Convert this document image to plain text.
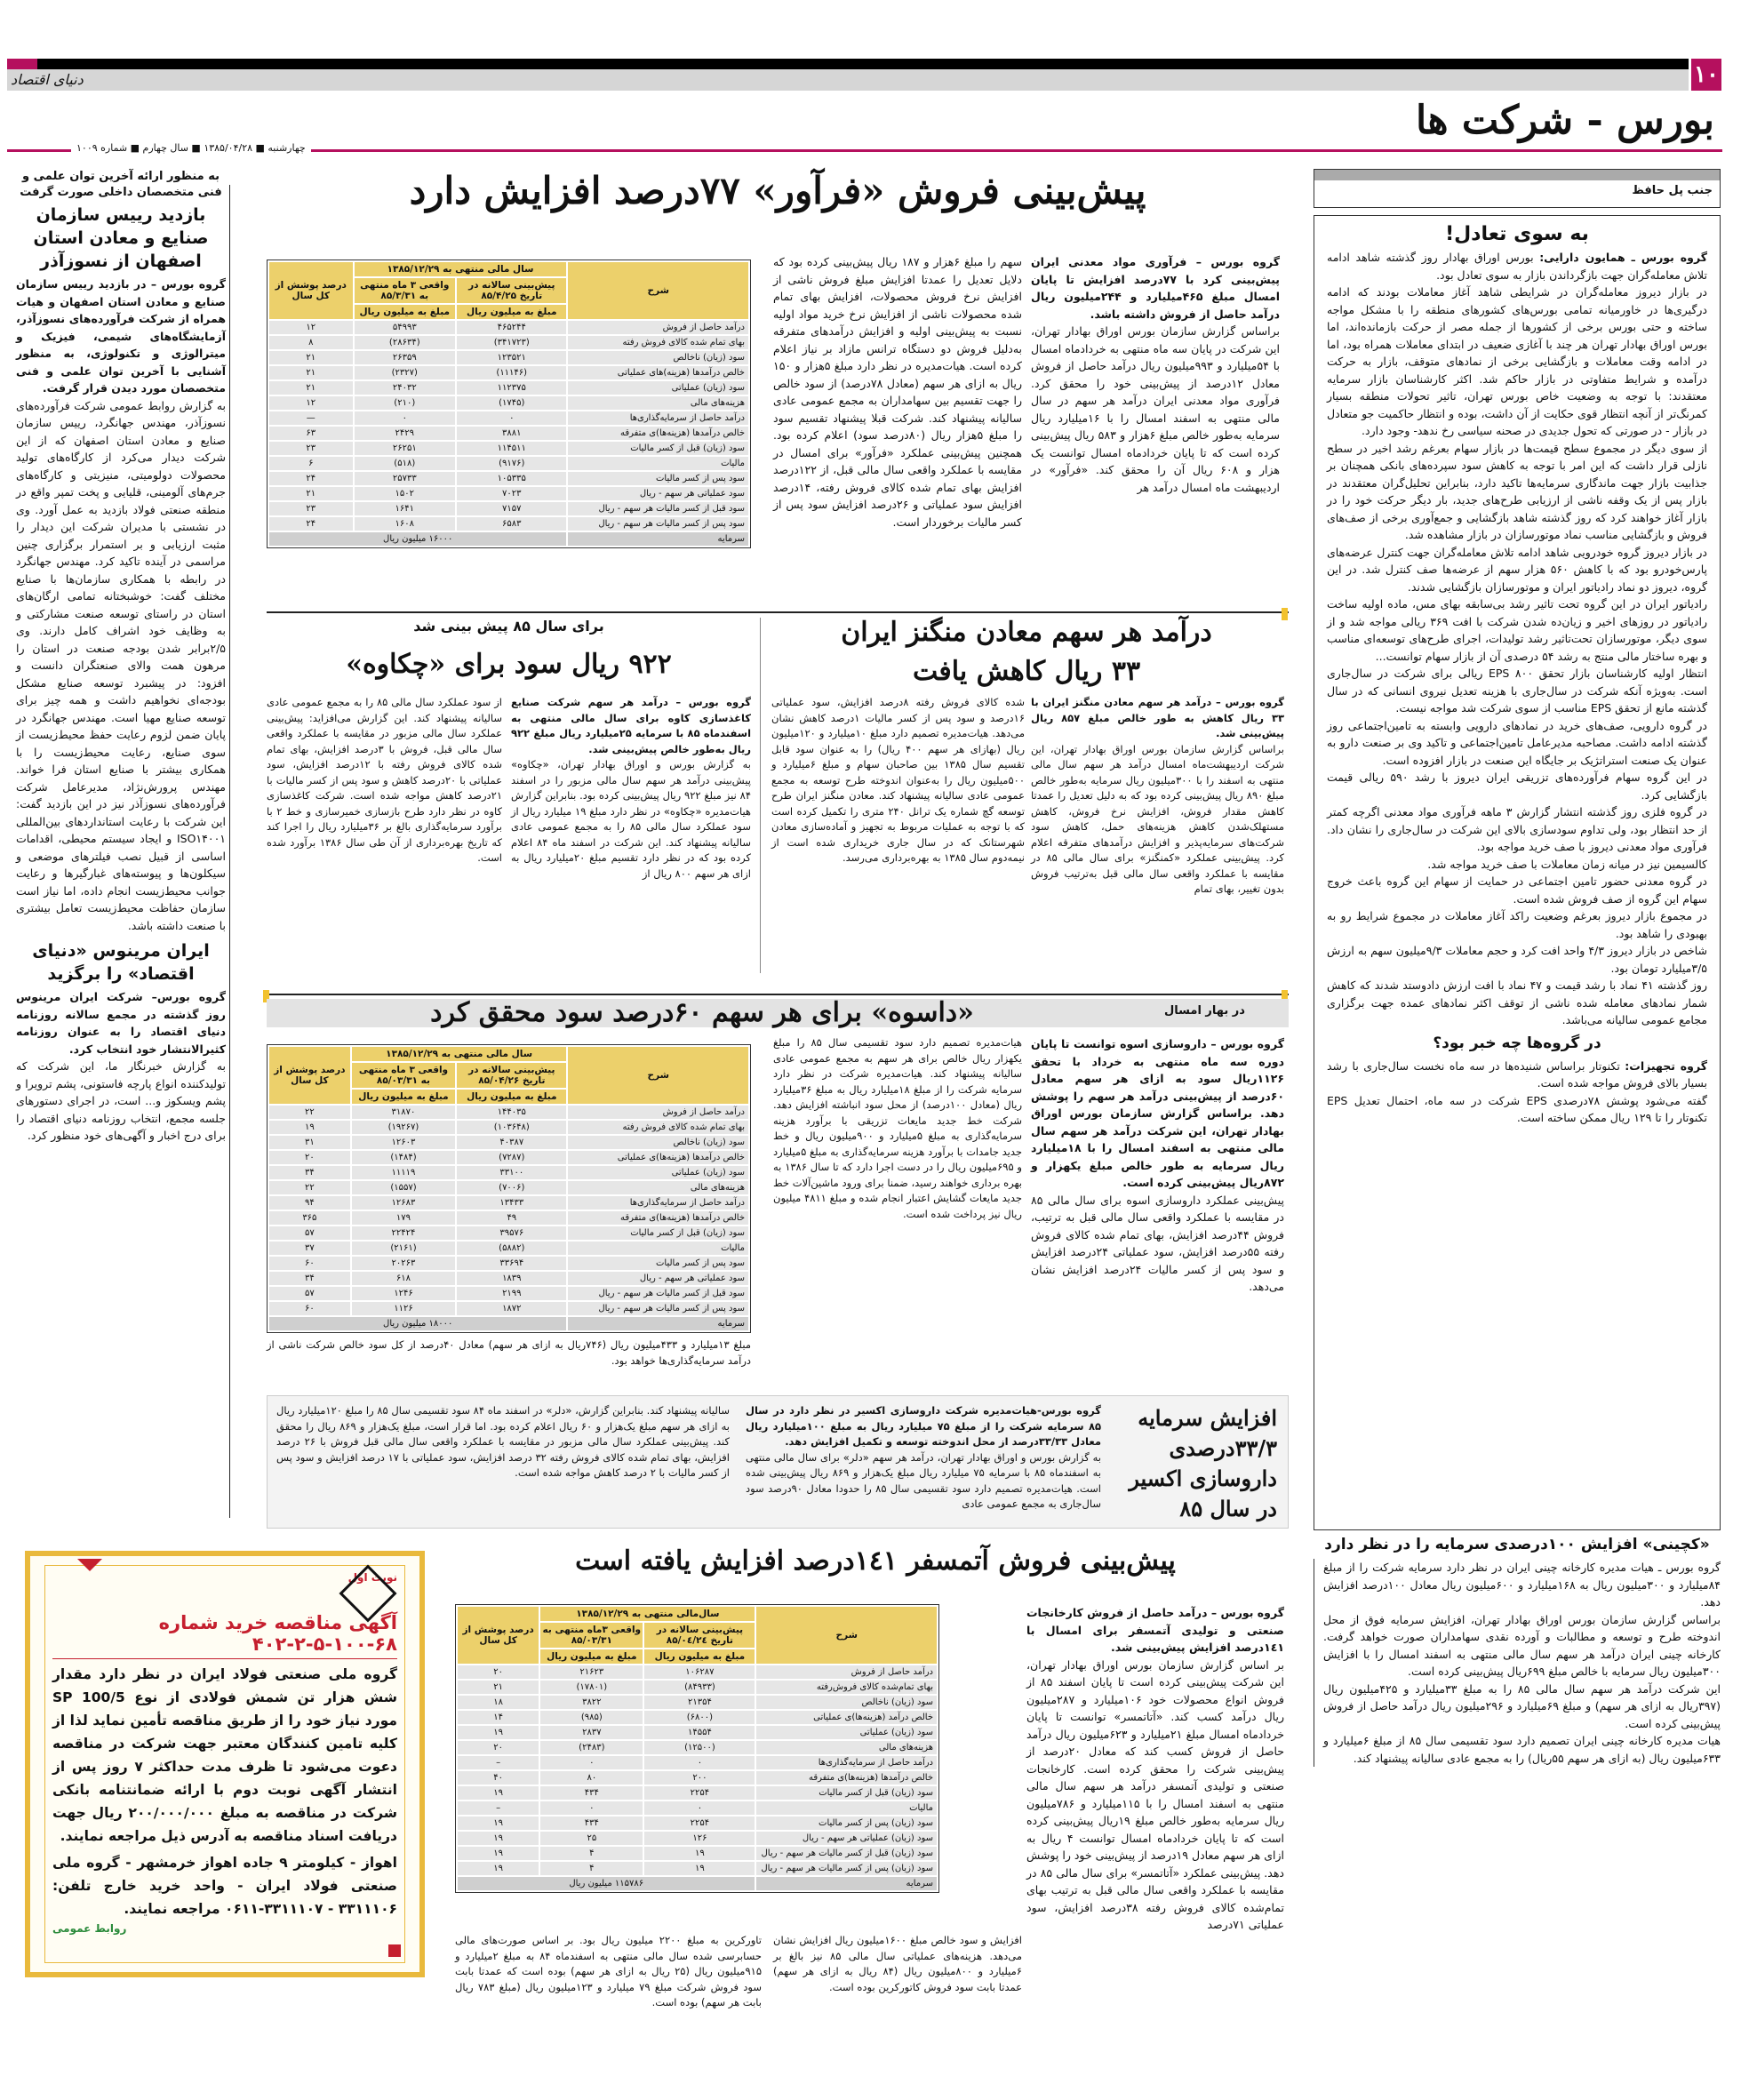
۱۰
دنیای اقتصاد
بورس - شرکت ها
چهارشنبه ■ ۱۳۸۵/۰۴/۲۸ ■ سال چهارم ■ شماره ۱۰۰۹
جنب پل حافظ
به سوی تعادل!

گروه بورس ـ همایون دارایی: بورس اوراق بهادار روز گذشته شاهد ادامه تلاش معامله‌گران جهت بازگرداندن بازار به سوی تعادل بود.

در بازار دیروز معامله‌گران در شرایطی شاهد آغاز معاملات بودند که ادامه درگیری‌ها در خاورمیانه تمامی بورس‌های کشورهای منطقه را با مشکل مواجه ساخته و حتی بورس برخی از کشورها از جمله مصر از حرکت بازمانده‌اند، اما بورس اوراق بهادار تهران هر چند با آغازی ضعیف در ابتدای معاملات همراه بود، اما در ادامه وقت معاملات و بازگشایی برخی از نمادهای متوقف، بازار به حرکت درآمده و شرایط متفاوتی در بازار حاکم شد. اکثر کارشناسان بازار سرمایه معتقدند: با توجه به وضعیت خاص بورس تهران، تاثیر تحولات منطقه بسیار کمرنگ‌تر از آنچه انتظار قوی حکایت از آن داشت، بوده و انتظار حاکمیت جو متعادل در بازار - در صورتی که تحول جدیدی در صحنه سیاسی رخ ندهد- وجود دارد.

از سوی دیگر در مجموع سطح قیمت‌ها در بازار سهام بعرغم رشد اخیر در سطح نازلی قرار داشت که این امر با توجه به کاهش سود سپرده‌های بانکی همچنان بر جذابیت بازار جهت ماندگاری سرمایه‌ها تاکید دارد، بنابراین تحلیل‌گران معتقدند در بازار پس از یک وقفه ناشی از ارزیابی طرح‌های جدید، بار دیگر حرکت خود را در بازار آغاز خواهند کرد که روز گذشته شاهد بازگشایی و جمع‌آوری برخی از صف‌های فروش و بازگشایی مناسب نماد موتورسازان در بازار مشاهده شد.

در بازار دیروز گروه خودرویی شاهد ادامه تلاش معامله‌گران جهت کنترل عرضه‌های پارس‌خودرو بود که با کاهش ۵۶۰ هزار سهم از عرضه‌ها صف کنترل شد. در این گروه، دیروز دو نماد رادیاتور ایران و موتورسازان بازگشایی شدند.

رادیاتور ایران در این گروه تحت تاثیر رشد بی‌سابقه بهای مس، ماده اولیه ساخت رادیاتور در روزهای اخیر و زیان‌ده شدن شرکت با افت ۳۶۹ ریالی مواجه شد و از سوی دیگر، موتورسازان تحت‌تاثیر رشد تولیدات، اجرای طرح‌های توسعه‌ای مناسب و بهره ساختار مالی منتج به رشد ۵۴ درصدی آن از بازار سهام توانست...

انتظار اولیه کارشناسان بازار تحقق EPS ۸۰۰ ریالی برای شرکت در سال‌جاری است. به‌ویژه آنکه شرکت در سال‌جاری با هزینه تعدیل نیروی انسانی که در سال گذشته مانع از تحقق EPS مناسب از سوی شرکت شد مواجه نیست.

در گروه دارویی، صف‌های خرید در نمادهای دارویی وابسته به تامین‌اجتماعی روز گذشته ادامه داشت. مصاحبه مدیرعامل تامین‌اجتماعی و تاکید وی بر صنعت دارو به عنوان یک صنعت استراتژیک بر جایگاه این صنعت در بازار افزوده است.

در این گروه سهام فرآورده‌های تزریقی ایران دیروز با رشد ۵۹۰ ریالی قیمت بازگشایی کرد.

در گروه فلزی روز گذشته انتشار گزارش ۳ ماهه فرآوری مواد معدنی اگرچه کمتر از حد انتظار بود، ولی تداوم سودسازی بالای این شرکت در سال‌جاری را نشان داد. فرآوری مواد معدنی دیروز با صف خرید مواجه بود.

کالسیمین نیز در میانه زمان معاملات با صف خرید مواجه شد.

در گروه معدنی حضور تامین اجتماعی در حمایت از سهام این گروه باعث خروج سهام این گروه از صف فروش شده است.

در مجموع بازار دیروز بعرغم وضعیت راکد آغاز معاملات در مجموع شرایط رو به بهبودی را شاهد بود.

شاخص در بازار دیروز ۴/۳ واحد افت کرد و حجم معاملات ۹/۳میلیون سهم به ارزش ۳/۵میلیارد تومان بود.

روز گذشته ۴۱ نماد با رشد قیمت و ۴۷ نماد با افت ارزش دادوستد شدند که کاهش شمار نمادهای معامله شده ناشی از توقف اکثر نمادهای عمده جهت برگزاری مجامع عمومی سالیانه می‌باشد.

در گروه‌ها چه خبر بود؟

گروه تجهیزات: تکنوتار براساس شنیده‌ها در سه ماه نخست سال‌جاری با رشد بسیار بالای فروش مواجه شده است.

گفته می‌شود پوشش ۷۸درصدی EPS شرکت در سه ماه، احتمال تعدیل EPS تکنوتار را تا ۱۲۹ ریال ممکن ساخته است.

«کچینی» افزایش ۱۰۰درصدی سرمایه را در نظر دارد

گروه بورس ـ هیات مدیره کارخانه چینی ایران در نظر دارد سرمایه شرکت را از مبلغ ۸۴میلیارد و ۳۰۰میلیون ریال به ۱۶۸میلیارد و ۶۰۰میلیون ریال معادل ۱۰۰درصد افزایش دهد.

براساس گزارش سازمان بورس اوراق بهادار تهران، افزایش سرمایه فوق از محل اندوخته طرح و توسعه و مطالبات و آورده نقدی سهامداران صورت خواهد گرفت. کارخانه چینی ایران درآمد هر سهم سال مالی منتهی به اسفند امسال را با افزایش ۳۰۰میلیون ریال سرمایه با خالص مبلغ ۶۹۹ریال پیش‌بینی کرده است.

این شرکت درآمد هر سهم سال مالی ۸۵ را به مبلغ ۳۳میلیارد و ۴۲۵میلیون ریال (۳۹۷ریال به ازای هر سهم) و مبلغ ۶۹میلیارد و ۲۹۶میلیون ریال درآمد حاصل از فروش پیش‌بینی کرده است.

هیات مدیره کارخانه چینی ایران تصمیم دارد سود تقسیمی سال ۸۵ از مبلغ ۶میلیارد و ۶۳۳میلیون ریال (به ازای هر سهم ۵۵ریال) را به مجمع عادی سالیانه پیشنهاد کند.

پیش‌بینی فروش «فرآور» ۷۷درصد افزایش دارد

گروه بورس – فرآوری مواد معدنی ایران پیش‌بینی کرد با ۷۷درصد افزایش تا پایان امسال مبلغ ۴۶۵میلیارد و ۲۴۴میلیون ریال درآمد حاصل از فروش داشته باشد.

براساس گزارش سازمان بورس اوراق بهادار تهران، این شرکت در پایان سه ماه منتهی به خردادماه امسال با ۵۴میلیارد و ۹۹۳میلیون ریال درآمد حاصل از فروش معادل ۱۲درصد از پیش‌بینی خود را محقق کرد. فرآوری مواد معدنی ایران درآمد هر سهم در سال مالی منتهی به اسفند امسال را با ۱۶میلیارد ریال سرمایه به‌طور خالص مبلغ ۶هزار و ۵۸۳ ریال پیش‌بینی کرده است که تا پایان خردادماه امسال توانست یک هزار و ۶۰۸ ریال آن را محقق کند. «فرآور» در اردیبهشت ماه امسال درآمد هر

سهم را مبلغ ۶هزار و ۱۸۷ ریال پیش‌بینی کرده بود که دلایل تعدیل را عمدتا افزایش مبلغ فروش ناشی از افزایش نرخ فروش محصولات، افزایش بهای تمام شده محصولات ناشی از افزایش نرخ خرید مواد اولیه نسبت به پیش‌بینی اولیه و افزایش درآمدهای متفرقه به‌دلیل فروش دو دستگاه ترانس مازاد بر نیاز اعلام کرده است. هیات‌مدیره در نظر دارد مبلغ ۵هزار و ۱۵۰ ریال به ازای هر سهم (معادل ۷۸درصد) از سود خالص را جهت تقسیم بین سهامداران به مجمع عمومی عادی سالیانه پیشنهاد کند. شرکت قبلا پیشنهاد تقسیم سود را مبلغ ۵هزار ریال (۸۰درصد سود) اعلام کرده بود. همچنین پیش‌بینی عملکرد «فرآور» برای امسال در مقایسه با عملکرد واقعی سال مالی قبل، از ۱۲۲درصد افزایش بهای تمام شده کالای فروش رفته، ۱۴درصد افزایش سود عملیاتی و ۲۶درصد افزایش سود پس از کسر مالیات برخوردار است.
شرح	سال مالی منتهی به ۱۳۸۵/۱۲/۲۹		درصد پوشش از کل سال
	پیش‌بینی سالانه در تاریخ ۸۵/۴/۲۵	واقعی ۳ ماه منتهی به ۸۵/۳/۳۱	
	مبلغ به میلیون ریال	مبلغ به میلیون ریال	
درآمد حاصل از فروش	۴۶۵۲۴۴	۵۴۹۹۳	۱۲
بهای تمام شده کالای فروش رفته	(۳۴۱۷۲۳)	(۲۸۶۳۴)	۸
سود (زیان) ناخالص	۱۲۳۵۲۱	۲۶۳۵۹	۲۱
خالص درآمدها (هزینه)های عملیاتی	(۱۱۱۴۶)	(۲۳۲۷)	۲۱
سود (زیان) عملیاتی	۱۱۲۳۷۵	۲۴۰۳۲	۲۱
هزینه‌های مالی	(۱۷۴۵)	(۲۱۰)	۱۲
درآمد حاصل از سرمایه‌گذاری‌ها	۰	۰	—
خالص درآمدها (هزینه‌ها)ی متفرقه	۳۸۸۱	۲۴۲۹	۶۳
سود (زیان) قبل از کسر مالیات	۱۱۴۵۱۱	۲۶۲۵۱	۲۳
مالیات	(۹۱۷۶)	(۵۱۸)	۶
سود پس از کسر مالیات	۱۰۵۳۳۵	۲۵۷۳۳	۲۴
سود عملیاتی هر سهم - ریال	۷۰۲۳	۱۵۰۲	۲۱
سود قبل از کسر مالیات هر سهم - ریال	۷۱۵۷	۱۶۴۱	۲۳
سود پس از کسر مالیات هر سهم - ریال	۶۵۸۳	۱۶۰۸	۲۴
سرمایه	۱۶۰۰۰ میلیون ریال		
درآمد هر سهم معادن منگنز ایران
۳۳ ریال کاهش یافت

گروه بورس – درآمد هر سهم معادن منگنز ایران با ۳۳ ریال کاهش به طور خالص مبلغ ۸۵۷ ریال پیش‌بینی شد.

براساس گزارش سازمان بورس اوراق بهادار تهران، این شرکت اردیبهشت‌ماه امسال درآمد هر سهم سال مالی منتهی به اسفند را با ۳۰۰میلیون ریال سرمایه به‌طور خالص مبلغ ۸۹۰ ریال پیش‌بینی کرده بود که به دلیل تعدیل را عمدتا کاهش مقدار فروش، افزایش نرخ فروش، کاهش مستهلک‌شدن کاهش هزینه‌های حمل، کاهش سود شرکت‌های سرمایه‌پذیر و افزایش درآمدهای متفرقه اعلام کرد. پیش‌بینی عملکرد «کمنگنز» برای سال مالی ۸۵ در مقایسه با عملکرد واقعی سال مالی قبل به‌ترتیب فروش بدون تغییر، بهای تمام

شده کالای فروش رفته ۸درصد افزایش، سود عملیاتی ۱۶درصد و سود پس از کسر مالیات ۱درصد کاهش نشان می‌دهد. هیات‌مدیره تصمیم دارد مبلغ ۱۰میلیارد و ۱۲۰میلیون ریال (بهازای هر سهم ۴۰۰ ریال) را به عنوان سود قابل تقسیم سال ۱۳۸۵ بین صاحبان سهام و مبلغ ۶میلیارد و ۵۰۰میلیون ریال را به‌عنوان اندوخته طرح توسعه به مجمع عمومی عادی سالیانه پیشنهاد کند. معادن منگنز ایران طرح توسعه گچ شماره یک ترانل ۲۴۰ متری را تکمیل کرده است که با توجه به عملیات مربوط به تجهیز و آماده‌سازی معادن شهرستانک که در سال جاری خریداری شده است از نیمه‌دوم سال ۱۳۸۵ به بهره‌برداری می‌رسد.
برای سال ۸۵ پیش بینی شد
۹۲۲ ریال سود برای «چکاوه»

گروه بورس – درآمد هر سهم شرکت صنایع کاغذسازی کاوه برای سال مالی منتهی به اسفندماه ۸۵ با سرمایه ۲۵میلیارد ریال مبلغ ۹۲۲ ریال به‌طور خالص پیش‌بینی شد.

به گزارش بورس و اوراق بهادار تهران، «چکاوه» پیش‌بینی درآمد هر سهم سال مالی مزبور را در اسفند ۸۴ نیز مبلغ ۹۲۲ ریال پیش‌بینی کرده بود. بنابراین گزارش هیات‌مدیره «چکاوه» در نظر دارد مبلغ ۱۹ میلیارد ریال از سود عملکرد سال مالی ۸۵ را به مجمع عمومی عادی سالیانه پیشنهاد کند. این شرکت در اسفند ماه ۸۴ اعلام کرده بود که در نظر دارد تقسیم مبلغ ۲۰میلیارد ریال به ازای هر سهم ۸۰۰ ریال از

از سود عملکرد سال مالی ۸۵ را به مجمع عمومی عادی سالیانه پیشنهاد کند. این گزارش می‌افزاید: پیش‌بینی عملکرد سال مالی مزبور در مقایسه با عملکرد واقعی سال مالی قبل، فروش با ۳درصد افزایش، بهای تمام شده کالای فروش رفته با ۱۲درصد افزایش، سود عملیاتی با ۲۰درصد کاهش و سود پس از کسر مالیات با ۲۱درصد کاهش مواجه شده است. شرکت کاغذسازی کاوه در نظر دارد طرح بازسازی خمیرسازی و خط ۲ با برآورد سرمایه‌گذاری بالغ بر ۳۶میلیارد ریال را اجرا کند که تاریخ بهره‌برداری از آن طی سال ۱۳۸۶ برآورد شده است.
در بهار امسال
«داسوه» برای هر سهم ۶۰درصد سود محقق کرد

گروه بورس – داروسازی اسوه توانست تا پایان دوره سه ماه منتهی به خرداد با تحقق ۱۱۲۶ریال سود به ازای هر سهم معادل ۶۰درصد از پیش‌بینی درآمد هر سهم را پوشش دهد. براساس گزارش سازمان بورس اوراق بهادار تهران، این شرکت درآمد هر سهم سال مالی منتهی به اسفند امسال را با ۱۸میلیارد ریال سرمایه به طور خالص مبلغ یکهزار و ۸۷۲ریال پیش‌بینی کرده است.

پیش‌بینی عملکرد داروسازی اسوه برای سال مالی ۸۵ در مقایسه با عملکرد واقعی سال مالی قبل به ترتیب، فروش ۴۴درصد افزایش، بهای تمام شده کالای فروش رفته ۵۵درصد افزایش، سود عملیاتی ۲۴درصد افزایش و سود پس از کسر مالیات ۲۴درصد افزایش نشان می‌دهد.

هیات‌مدیره تصمیم دارد سود تقسیمی سال ۸۵ را مبلغ یکهزار ریال خالص برای هر سهم به مجمع عمومی عادی سالیانه پیشنهاد کند. هیات‌مدیره شرکت در نظر دارد سرمایه شرکت را از مبلغ ۱۸میلیارد ریال به مبلغ ۳۶میلیارد ریال (معادل ۱۰۰درصد) از محل سود انباشته افزایش دهد. شرکت خط جدید مایعات تزریقی با برآورد هزینه سرمایه‌گذاری به مبلغ ۵میلیارد و ۹۰۰میلیون ریال و خط جدید جامدات با برآورد هزینه سرمایه‌گذاری به مبلغ ۵میلیارد و ۶۹۵میلیون ریال را در دست اجرا دارد که تا سال ۱۳۸۶ به بهره برداری خواهند رسید، ضمنا برای ورود ماشین‌آلات خط جدید مایعات گشایش اعتبار انجام شده و مبلغ ۴۸۱۱ میلیون ریال نیز پرداخت شده است.
مبلغ ۱۳میلیارد و ۴۳۳میلیون ریال (۷۴۶ریال به ازای هر سهم) معادل ۴۰درصد از کل سود خالص شرکت ناشی از درآمد سرمایه‌گذاری‌ها خواهد بود.
شرح	سال مالی منتهی به ۱۳۸۵/۱۲/۲۹		درصد پوشش از کل سال
	پیش‌بینی سالانه در تاریخ ۸۵/۰۴/۲۶	واقعی ۳ ماه منتهی به ۸۵/۰۳/۳۱	
	مبلغ به میلیون ریال	مبلغ به میلیون ریال	
درآمد حاصل از فروش	۱۴۴۰۳۵	۳۱۸۷۰	۲۲
بهای تمام شده کالای فروش رفته	(۱۰۳۶۴۸)	(۱۹۲۶۷)	۱۹
سود (زیان) ناخالص	۴۰۳۸۷	۱۲۶۰۳	۳۱
خالص درآمدها (هزینه‌ها)ی عملیاتی	(۷۲۸۷)	(۱۴۸۴)	۲۰
سود (زیان) عملیاتی	۳۳۱۰۰	۱۱۱۱۹	۳۴
هزینه‌های مالی	(۷۰۰۶)	(۱۵۵۷)	۲۲
درآمد حاصل از سرمایه‌گذاری‌ها	۱۳۴۳۳	۱۲۶۸۳	۹۴
خالص درآمدها (هزینه‌ها)ی متفرقه	۴۹	۱۷۹	۳۶۵
سود (زیان) قبل از کسر مالیات	۳۹۵۷۶	۲۲۴۲۴	۵۷
مالیات	(۵۸۸۲)	(۲۱۶۱)	۳۷
سود پس از کسر مالیات	۳۳۶۹۴	۲۰۲۶۳	۶۰
سود عملیاتی هر سهم - ریال	۱۸۳۹	۶۱۸	۳۴
سود قبل از کسر مالیات هر سهم - ریال	۲۱۹۹	۱۲۴۶	۵۷
سود پس از کسر مالیات هر سهم - ریال	۱۸۷۲	۱۱۲۶	۶۰
سرمایه	۱۸۰۰۰ میلیون ریال		
افزایش سرمایه
۳۳/۳درصدی
داروسازی اکسیر
در سال ۸۵

گروه بورس-هیات‌مدیره شرکت داروسازی اکسیر در نظر دارد در سال ۸۵ سرمایه شرکت را از مبلغ ۷۵ میلیارد ریال به مبلغ ۱۰۰میلیارد ریال معادل ۳۳/۳۳درصد از محل اندوخته توسعه و تکمیل افزایش دهد.

به گزارش بورس و اوراق بهادار تهران، درآمد هر سهم «دلر» برای سال مالی منتهی به اسفندماه ۸۵ با سرمایه ۷۵ میلیارد ریال مبلغ یک‌هزار و ۸۶۹ ریال پیش‌بینی شده است. هیات‌مدیره تصمیم دارد سود تقسیمی سال ۸۵ را حدودا معادل ۹۰درصد سود سال‌جاری به مجمع عمومی عادی

سالیانه پیشنهاد کند. بنابراین گزارش، «دلر» در اسفند ماه ۸۴ سود تقسیمی سال ۸۵ را مبلغ ۱۲۰میلیارد ریال به ازای هر سهم مبلغ یک‌هزار و ۶۰ ریال اعلام کرده بود. اما قرار است، مبلغ یک‌هزار و ۸۶۹ ریال را محقق کند. پیش‌بینی عملکرد سال مالی مزبور در مقایسه با عملکرد واقعی سال مالی قبل فروش با ۲۶ درصد افزایش، بهای تمام شده کالای فروش رفته ۳۲ درصد افزایش، سود عملیاتی با ۱۷ درصد افزایش و سود پس از کسر مالیات با ۲ درصد کاهش مواجه شده است.
پیش‌بینی فروش آتمسفر ۱٤۱درصد افزایش یافته است

گروه بورس – درآمد حاصل از فروش کارخانجات صنعتی و تولیدی آتمسفر برای امسال با ۱٤۱درصد افزایش پیش‌بینی شد.

بر اساس گزارش سازمان بورس اوراق بهادار تهران، این شرکت پیش‌بینی کرده است تا پایان اسفند ۸۵ از فروش انواع محصولات خود ۱۰۶میلیارد و ۲۸۷میلیون ریال درآمد کسب کند. «آتاتمسر» توانست تا پایان خردادماه امسال مبلغ ۲۱میلیارد و ۶۲۳میلیون ریال درآمد حاصل از فروش کسب کند که معادل ۲۰درصد از پیش‌بینی شرکت را محقق کرده است. کارخانجات صنعتی و تولیدی آتمسفر درآمد هر سهم سال مالی منتهی به اسفند امسال را با ۱۱۵میلیارد و ۷۸۶میلیون ریال سرمایه به‌طور خالص مبلغ ۱۹ریال پیش‌بینی کرده است که تا پایان خردادماه امسال توانست ۴ ریال به ازای هر سهم معادل ۱۹درصد از پیش‌بینی خود را پوشش دهد. پیش‌بینی عملکرد «آتاتمسر» برای سال مالی ۸۵ در مقایسه با عملکرد واقعی سال مالی قبل به ترتیب بهای تمام‌شده کالای فروش رفته ۳۸درصد افزایش، سود عملیاتی ۷۱درصد

شرح	سال‌مالی منتهی به ۱۳۸۵/۱۲/۲۹		درصد پوشش از کل سال
	پیش‌بینی سالانه در تاریخ ۸۵/۰٤/۲٤	واقعی ۳ماه منتهی به ۸۵/۰۳/۳۱	
	مبلغ به میلیون ریال	مبلغ به میلیون ریال	
درآمد حاصل از فروش	۱۰۶۲۸۷	۲۱۶۲۳	۲۰
بهای تمام‌شده کالای فروش‌رفته	(۸۴۹۳۳)	(۱۷۸۰۱)	۲۱
سود (زیان) ناخالص	۲۱۳۵۴	۳۸۲۲	۱۸
خالص درآمد (هزینه‌ها)ی عملیاتی	(۶۸۰۰)	(۹۸۵)	۱۴
سود (زیان) عملیاتی	۱۴۵۵۴	۲۸۳۷	۱۹
هزینه‌های مالی	(۱۲۵۰۰)	(۲۴۸۳)	۲۰
درآمد حاصل از سرمایه‌گذاری‌ها	۰	۰	–
خالص درآمدها (هزینه‌ها)ی متفرقه	۲۰۰	۸۰	۴۰
سود (زیان) قبل از کسر مالیات	۲۲۵۴	۴۳۴	۱۹
مالیات	۰	۰	–
سود (زیان) پس از کسر مالیات	۲۲۵۴	۴۳۴	۱۹
سود (زیان) عملیاتی هر سهم - ریال	۱۲۶	۲۵	۱۹
سود (زیان) قبل از کسر مالیات هر سهم - ریال	۱۹	۴	۱۹
سود (زیان) پس از کسر مالیات هر سهم - ریال	۱۹	۴	۱۹
سرمایه	۱۱۵۷۸۶ میلیون ریال		
افزایش و سود خالص مبلغ ۱۶۰۰میلیون ریال افزایش نشان می‌دهد. هزینه‌های عملیاتی سال مالی ۸۵ نیز بالغ بر ۶میلیارد و ۸۰۰میلیون ریال (۸۴ ریال به ازای هر سهم) عمدتا بابت سود فروش کاتورکرین بوده است.
تاورکرین به مبلغ ۲۲۰۰ میلیون ریال بود. بر اساس صورت‌های مالی حسابرسی شده سال مالی منتهی به اسفندماه ۸۴ به مبلغ ۲میلیارد و ۹۱۵میلیون ریال (۲۵ ریال به ازای هر سهم) بوده است که عمدتا بابت سود فروش شرکت مبلغ ۷۹ میلیارد و ۱۲۳میلیون ریال (مبلغ ۷۸۳ ریال بابت هر سهم) بوده است.
به منظور ارائه آخرین توان علمی و فنی متخصصان داخلی صورت گرفت
بازدید رییس سازمان صنایع و معادن استان اصفهان از نسوزآذر

گروه بورس – در بازدید رییس سازمان صنایع و معادن استان اصفهان و هیات همراه از شرکت فرآورده‌های نسوزآذر، آزمایشگاه‌های شیمی، فیزیک و میترالوژی و تکنولوژی، به منظور آشنایی با آخرین توان علمی و فنی متخصصان مورد دیدن قرار گرفت.

به گزارش روابط عمومی شرکت فرآورده‌های نسوزآذر، مهندس جهانگرد، رییس سازمان صنایع و معادن استان اصفهان که از این شرکت دیدار می‌کرد از کارگاه‌های تولید محصولات دولومیتی، منیزیتی و کارگاه‌های جرم‌های آلومینی، قلیایی و پخت تمپر واقع در منطقه صنعتی فولاد بازدید به عمل آورد. وی در نشستی با مدیران شرکت این دیدار را مثبت ارزیابی و بر استمرار برگزاری چنین مراسمی در آینده تاکید کرد. مهندس جهانگرد در رابطه با همکاری سازمان‌ها با صنایع مختلف گفت: خوشبختانه تمامی ارگان‌های استان در راستای توسعه صنعت مشارکتی و به وظایف خود اشراف کامل دارند. وی ۲/۵برابر شدن بودجه صنعت در استان را مرهون همت والای صنعتگران دانست و افزود: در پیشبرد توسعه صنایع مشکل بودجه‌ای نخواهیم داشت و همه چیز برای توسعه صنایع مهیا است. مهندس جهانگرد در پایان ضمن لزوم رعایت حفظ محیط‌زیست از سوی صنایع، رعایت محیط‌زیست را با همکاری بیشتر با صنایع استان فرا خواند. مهندس پرورش‌نژاد، مدیرعامل شرکت فرآورده‌های نسوزآذر نیز در این بازدید گفت: این شرکت با رعایت استانداردهای بین‌المللی ISO۱۴۰۰۱ و ایجاد سیستم محیطی، اقدامات اساسی از قبیل نصب فیلترهای موضعی و سیکلون‌ها و پیوسته‌های غبارگیرها و رعایت جوانب محیط‌زیست انجام داده، اما نیاز است سازمان حفاظت محیط‌زیست تعامل بیشتری با صنعت داشته باشد.

ایران مرینوس «دنیای اقتصاد» را برگزید

گروه بورس– شرکت ایران مرینوس روز گذشته در مجمع سالانه روزنامه دنیای اقتصاد را به عنوان روزنامه کثیرالانتشار خود انتخاب کرد.

به گزارش خبرنگار ما، این شرکت که تولیدکننده انواع پارچه فاستونی، پشم ترویرا و پشم ویسکوز و... است، در اجرای دستورهای جلسه مجمع، انتخاب روزنامه دنیای اقتصاد را برای درج اخبار و آگهی‌های خود منظور کرد.

نوبت اول
آگهی مناقصه خرید شماره ۶۸-۱۰۰-۵-۲-۴۰۲
گروه ملی صنعتی فولاد ایران در نظر دارد مقدار شش هزار تن شمش فولادی از نوع SP 100/5 مورد نیاز خود را از طریق مناقصه تأمین نماید لذا از کلیه تامین کنندگان معتبر جهت شرکت در مناقصه دعوت می‌شود تا ظرف مدت حداکثر ۷ روز پس از انتشار آگهی نوبت دوم با ارائه ضمانتنامه بانکی شرکت در مناقصه به مبلغ ۲۰۰/۰۰۰/۰۰۰ ریال جهت دریافت اسناد مناقصه به آدرس ذیل مراجعه نمایند.
اهواز - کیلومتر ۹ جاده اهواز خرمشهر - گروه ملی صنعتی فولاد ایران - واحد خرید خارج تلفن: ۳۳۱۱۱۰۶ - ۳۳۱۱۱۰۷-۰۶۱۱ مراجعه نمایند.
روابط عمومی
